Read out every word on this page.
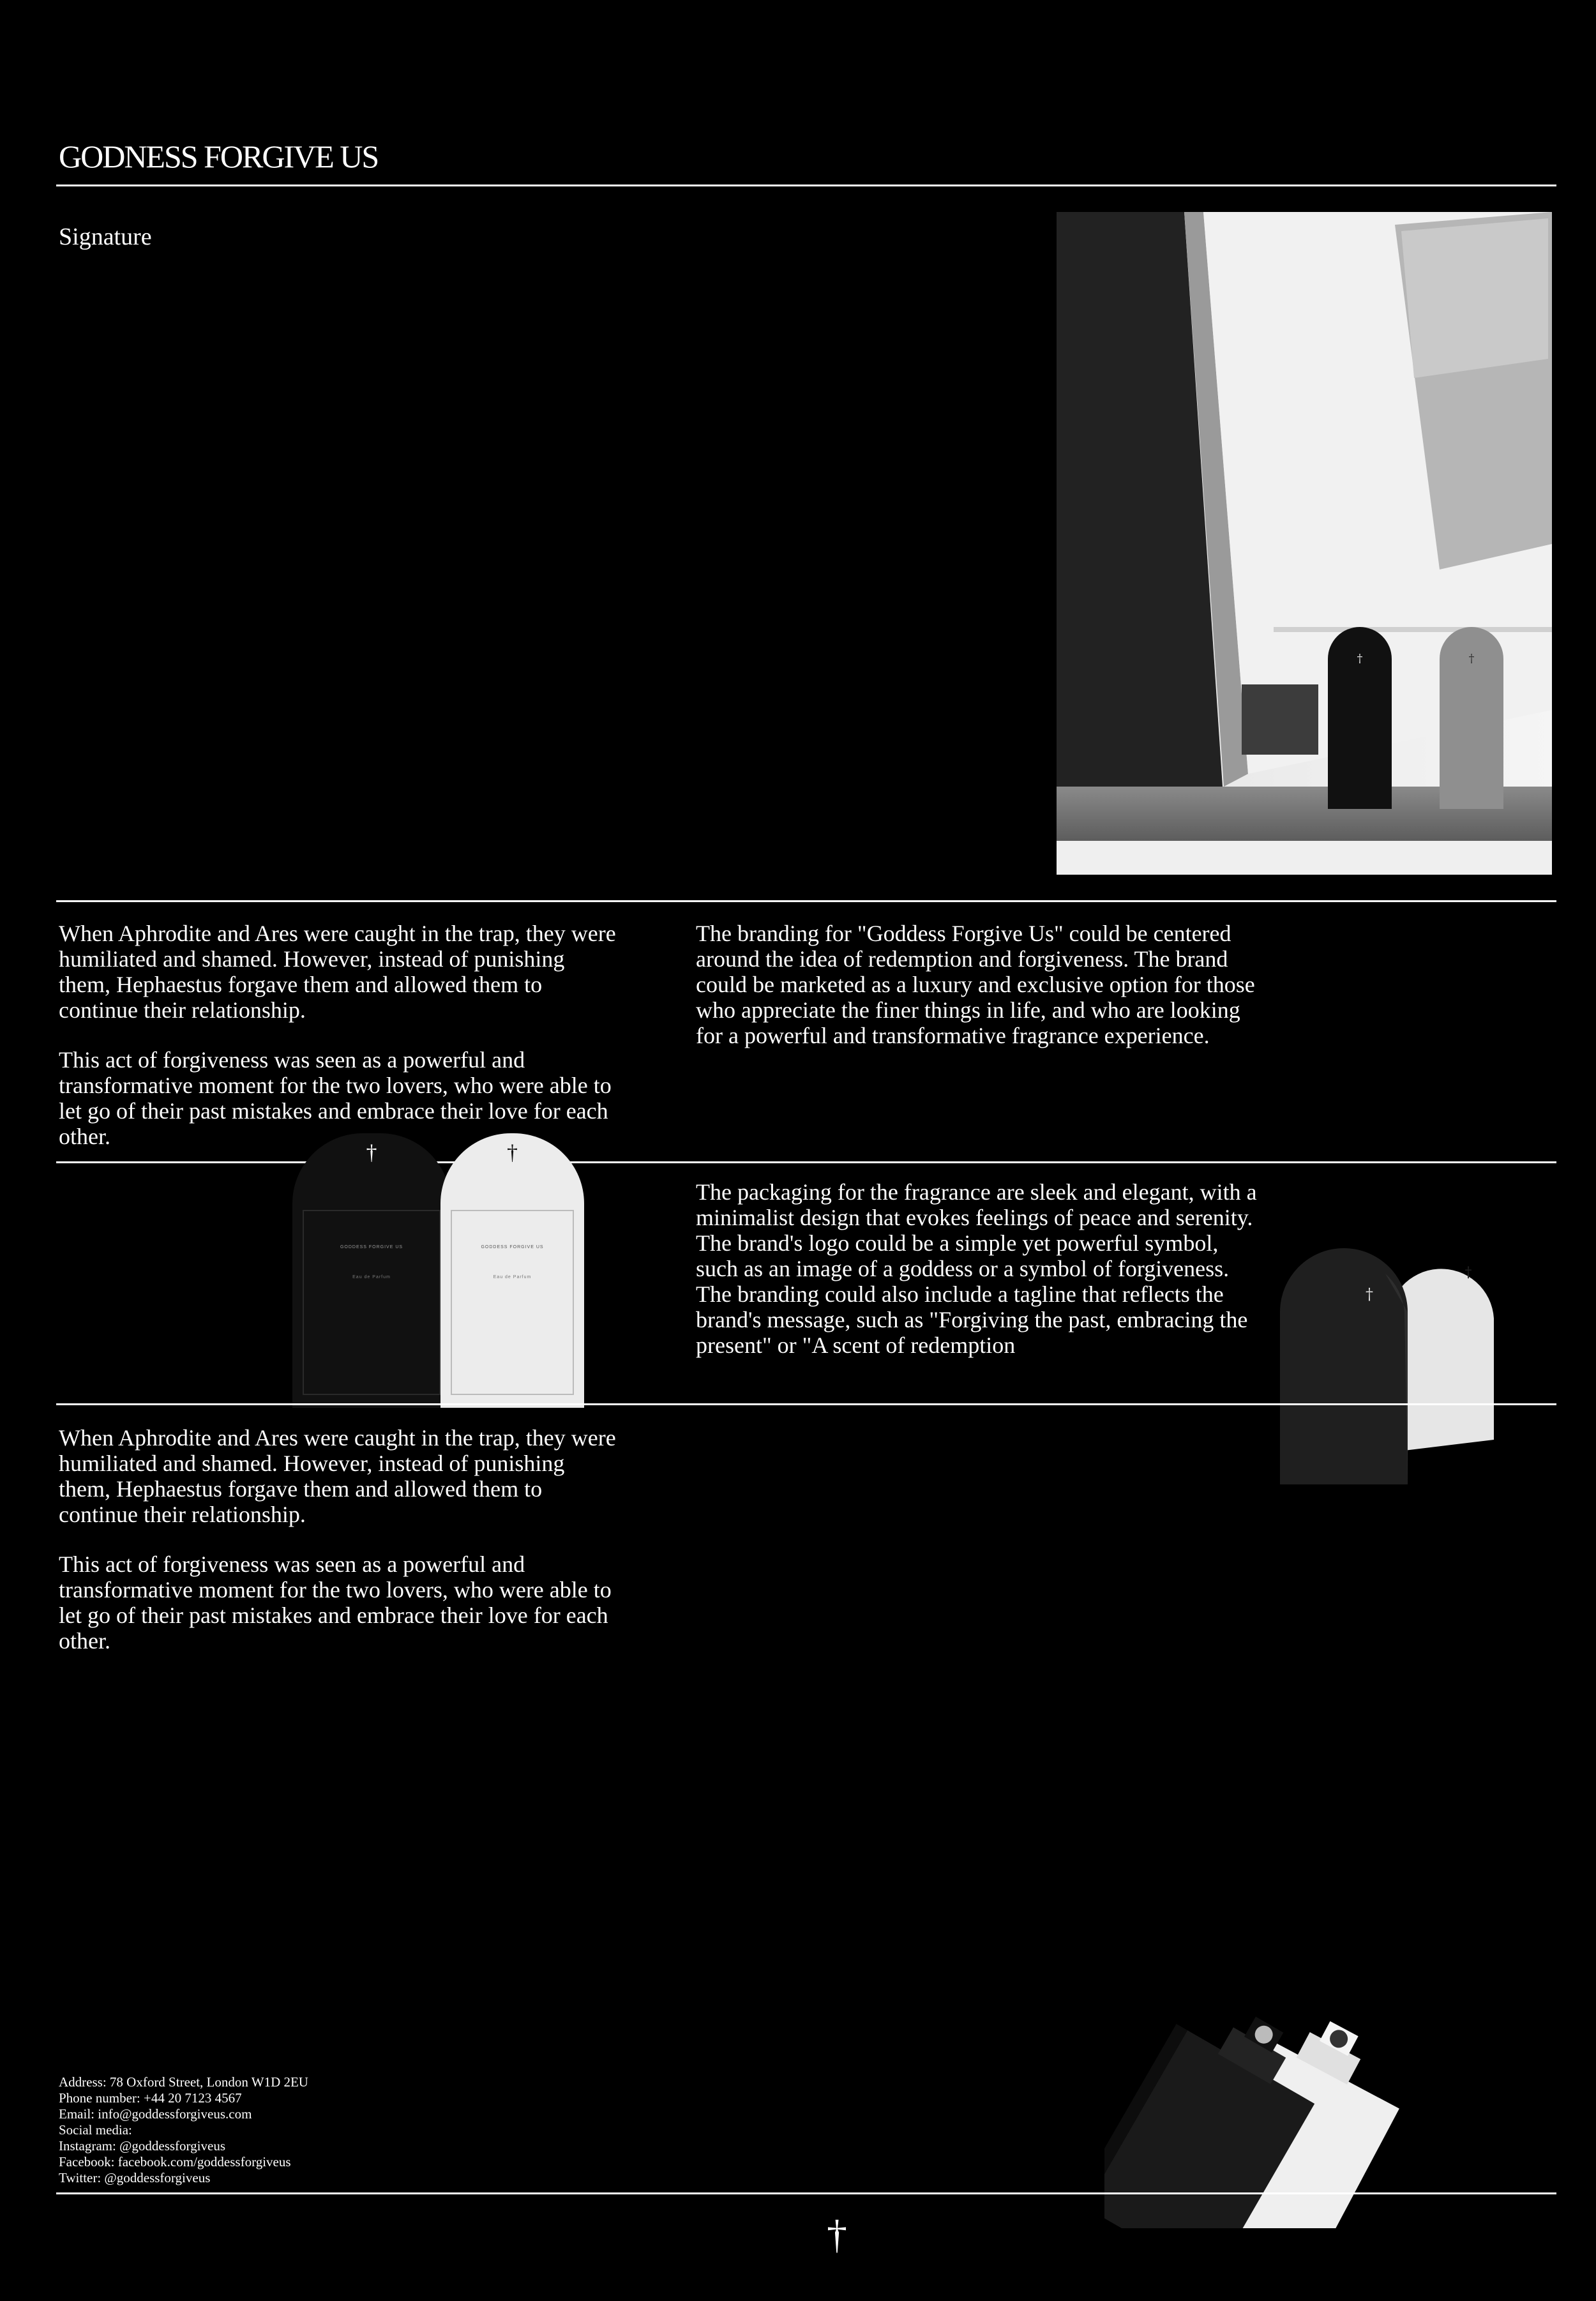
GODNESS FORGIVE US
Signature
†	†

When Aphrodite and Ares were caught in the trap, they were humiliated and shamed. However, instead of punishing them, Hephaestus forgave them and allowed them to continue their relationship.

This act of forgiveness was seen as a powerful and transformative moment for the two lovers, who were able to let go of their past mistakes and embrace their love for each other.

The branding for "Goddess Forgive Us" could be centered around the idea of redemption and forgiveness. The brand could be marketed as a luxury and exclusive option for those who appreciate the finer things in life, and who are looking for a powerful and transformative fragrance experience.

†
GODDESS FORGIVE US
Eau de Parfum
†
GODDESS FORGIVE US
Eau de Parfum

The packaging for the fragrance are sleek and elegant, with a minimalist design that evokes feelings of peace and serenity. The brand's logo could be a simple yet powerful symbol, such as an image of a goddess or a symbol of forgiveness. The branding could also include a tagline that reflects the brand's message, such as "Forgiving the past, embracing the present" or "A scent of redemption

†
†

When Aphrodite and Ares were caught in the trap, they were humiliated and shamed. However, instead of punishing them, Hephaestus forgave them and allowed them to continue their relationship.

This act of forgiveness was seen as a powerful and transformative moment for the two lovers, who were able to let go of their past mistakes and embrace their love for each other.

Address: 78 Oxford Street, London W1D 2EU
Phone number: +44 20 7123 4567
Email: info@goddessforgiveus.com
Social media:
Instagram: @goddessforgiveus
Facebook: facebook.com/goddessforgiveus
Twitter: @goddessforgiveus
†
